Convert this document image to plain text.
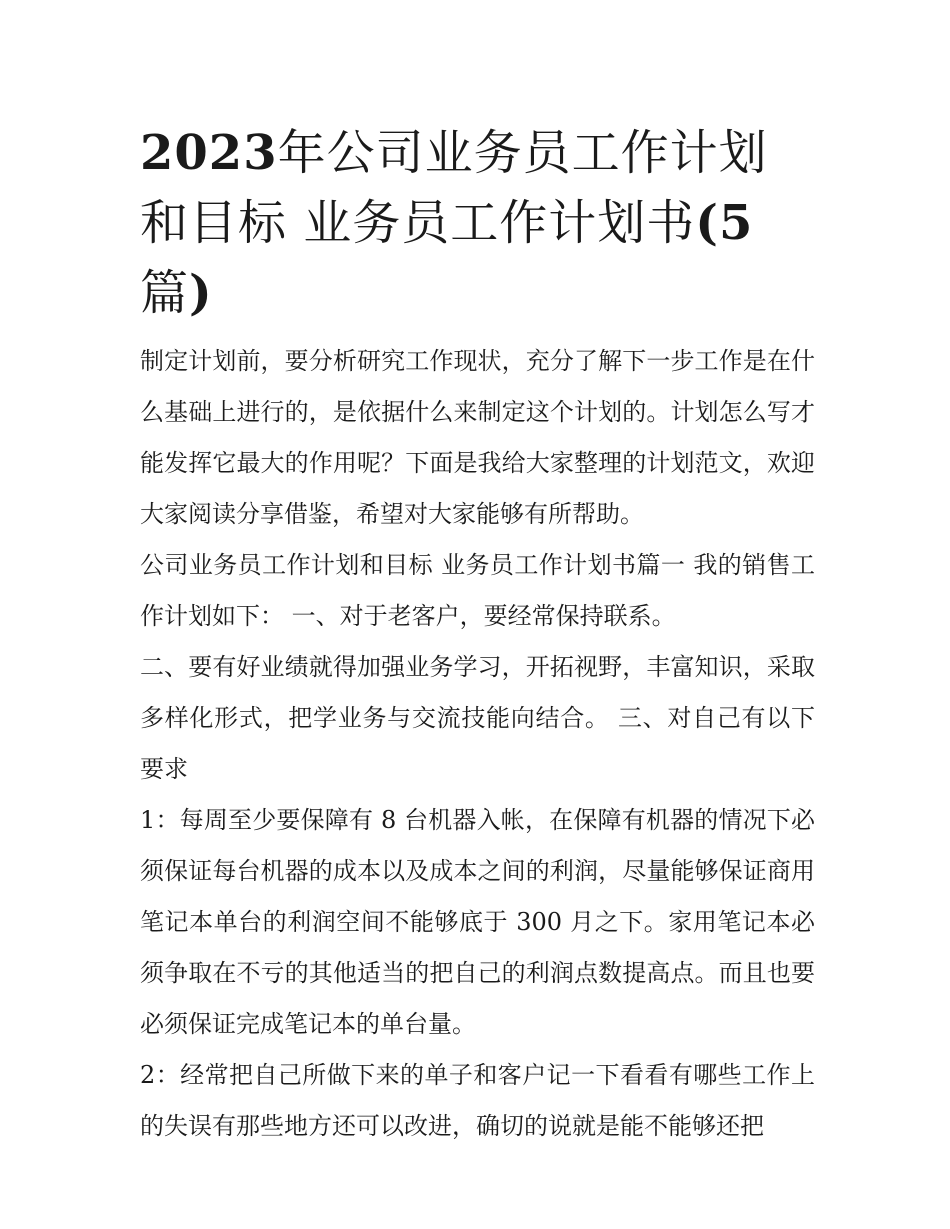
2023年公司业务员工作计划和目标 业务员工作计划书(5篇)

制定计划前，要分析研究工作现状，充分了解下一步工作是在什么基础上进行的，是依据什么来制定这个计划的。计划怎么写才能发挥它最大的作用呢？下面是我给大家整理的计划范文，欢迎大家阅读分享借鉴，希望对大家能够有所帮助。

公司业务员工作计划和目标 业务员工作计划书篇一 我的销售工作计划如下： 一、对于老客户，要经常保持联系。

二、要有好业绩就得加强业务学习，开拓视野，丰富知识，采取多样化形式，把学业务与交流技能向结合。 三、对自己有以下要求

1：每周至少要保障有 8 台机器入帐，在保障有机器的情况下必须保证每台机器的成本以及成本之间的利润，尽量能够保证商用笔记本单台的利润空间不能够底于 300 月之下。家用笔记本必须争取在不亏的其他适当的把自己的利润点数提高点。而且也要必须保证完成笔记本的单台量。

2：经常把自己所做下来的单子和客户记一下看看有哪些工作上的失误有那些地方还可以改进，确切的说就是能不能够还把
